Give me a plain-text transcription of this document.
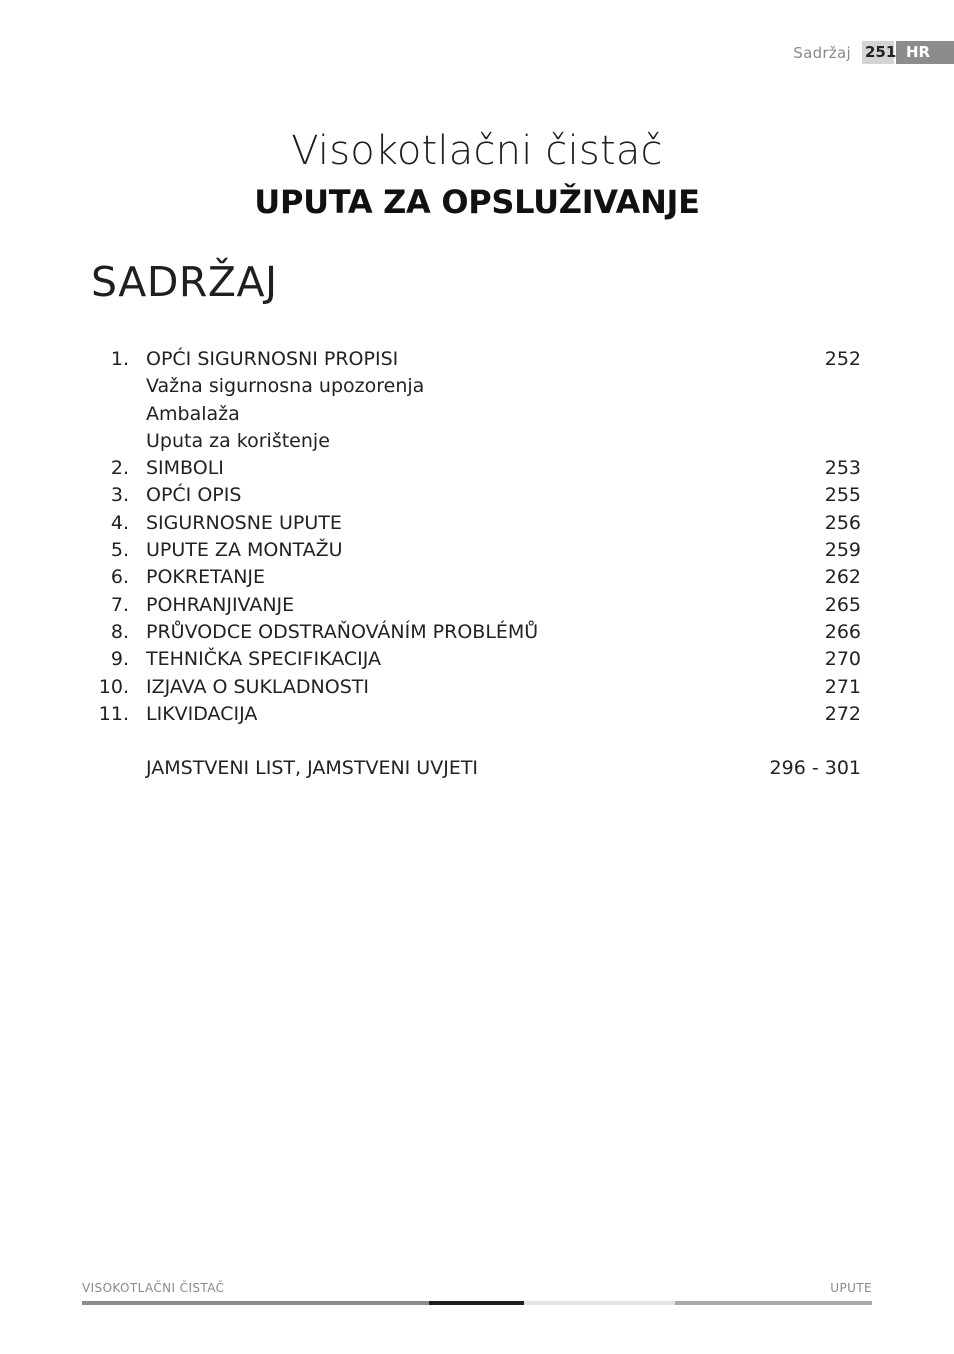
Sadržaj 251 HR
Visokotlačni čistač
UPUTA ZA OPSLUŽIVANJE
SADRŽAJ
1. OPĆI SIGURNOSNI PROPISI	252
Važna sigurnosna upozorenja
Ambalaža
Uputa za korištenje
2. SIMBOLI	253
3. OPĆI OPIS	255
4. SIGURNOSNE UPUTE	256
5. UPUTE ZA MONTAŽU	259
6. POKRETANJE	262
7. POHRANJIVANJE	265
8. PRŮVODCE ODSTRAŇOVÁNÍM PROBLÉMŮ	266
9. TEHNIČKA SPECIFIKACIJA	270
10. IZJAVA O SUKLADNOSTI	271
11. LIKVIDACIJA	272
JAMSTVENI LIST, JAMSTVENI UVJETI	296 - 301
VISOKOTLAČNI ČISTAČ	UPUTE
